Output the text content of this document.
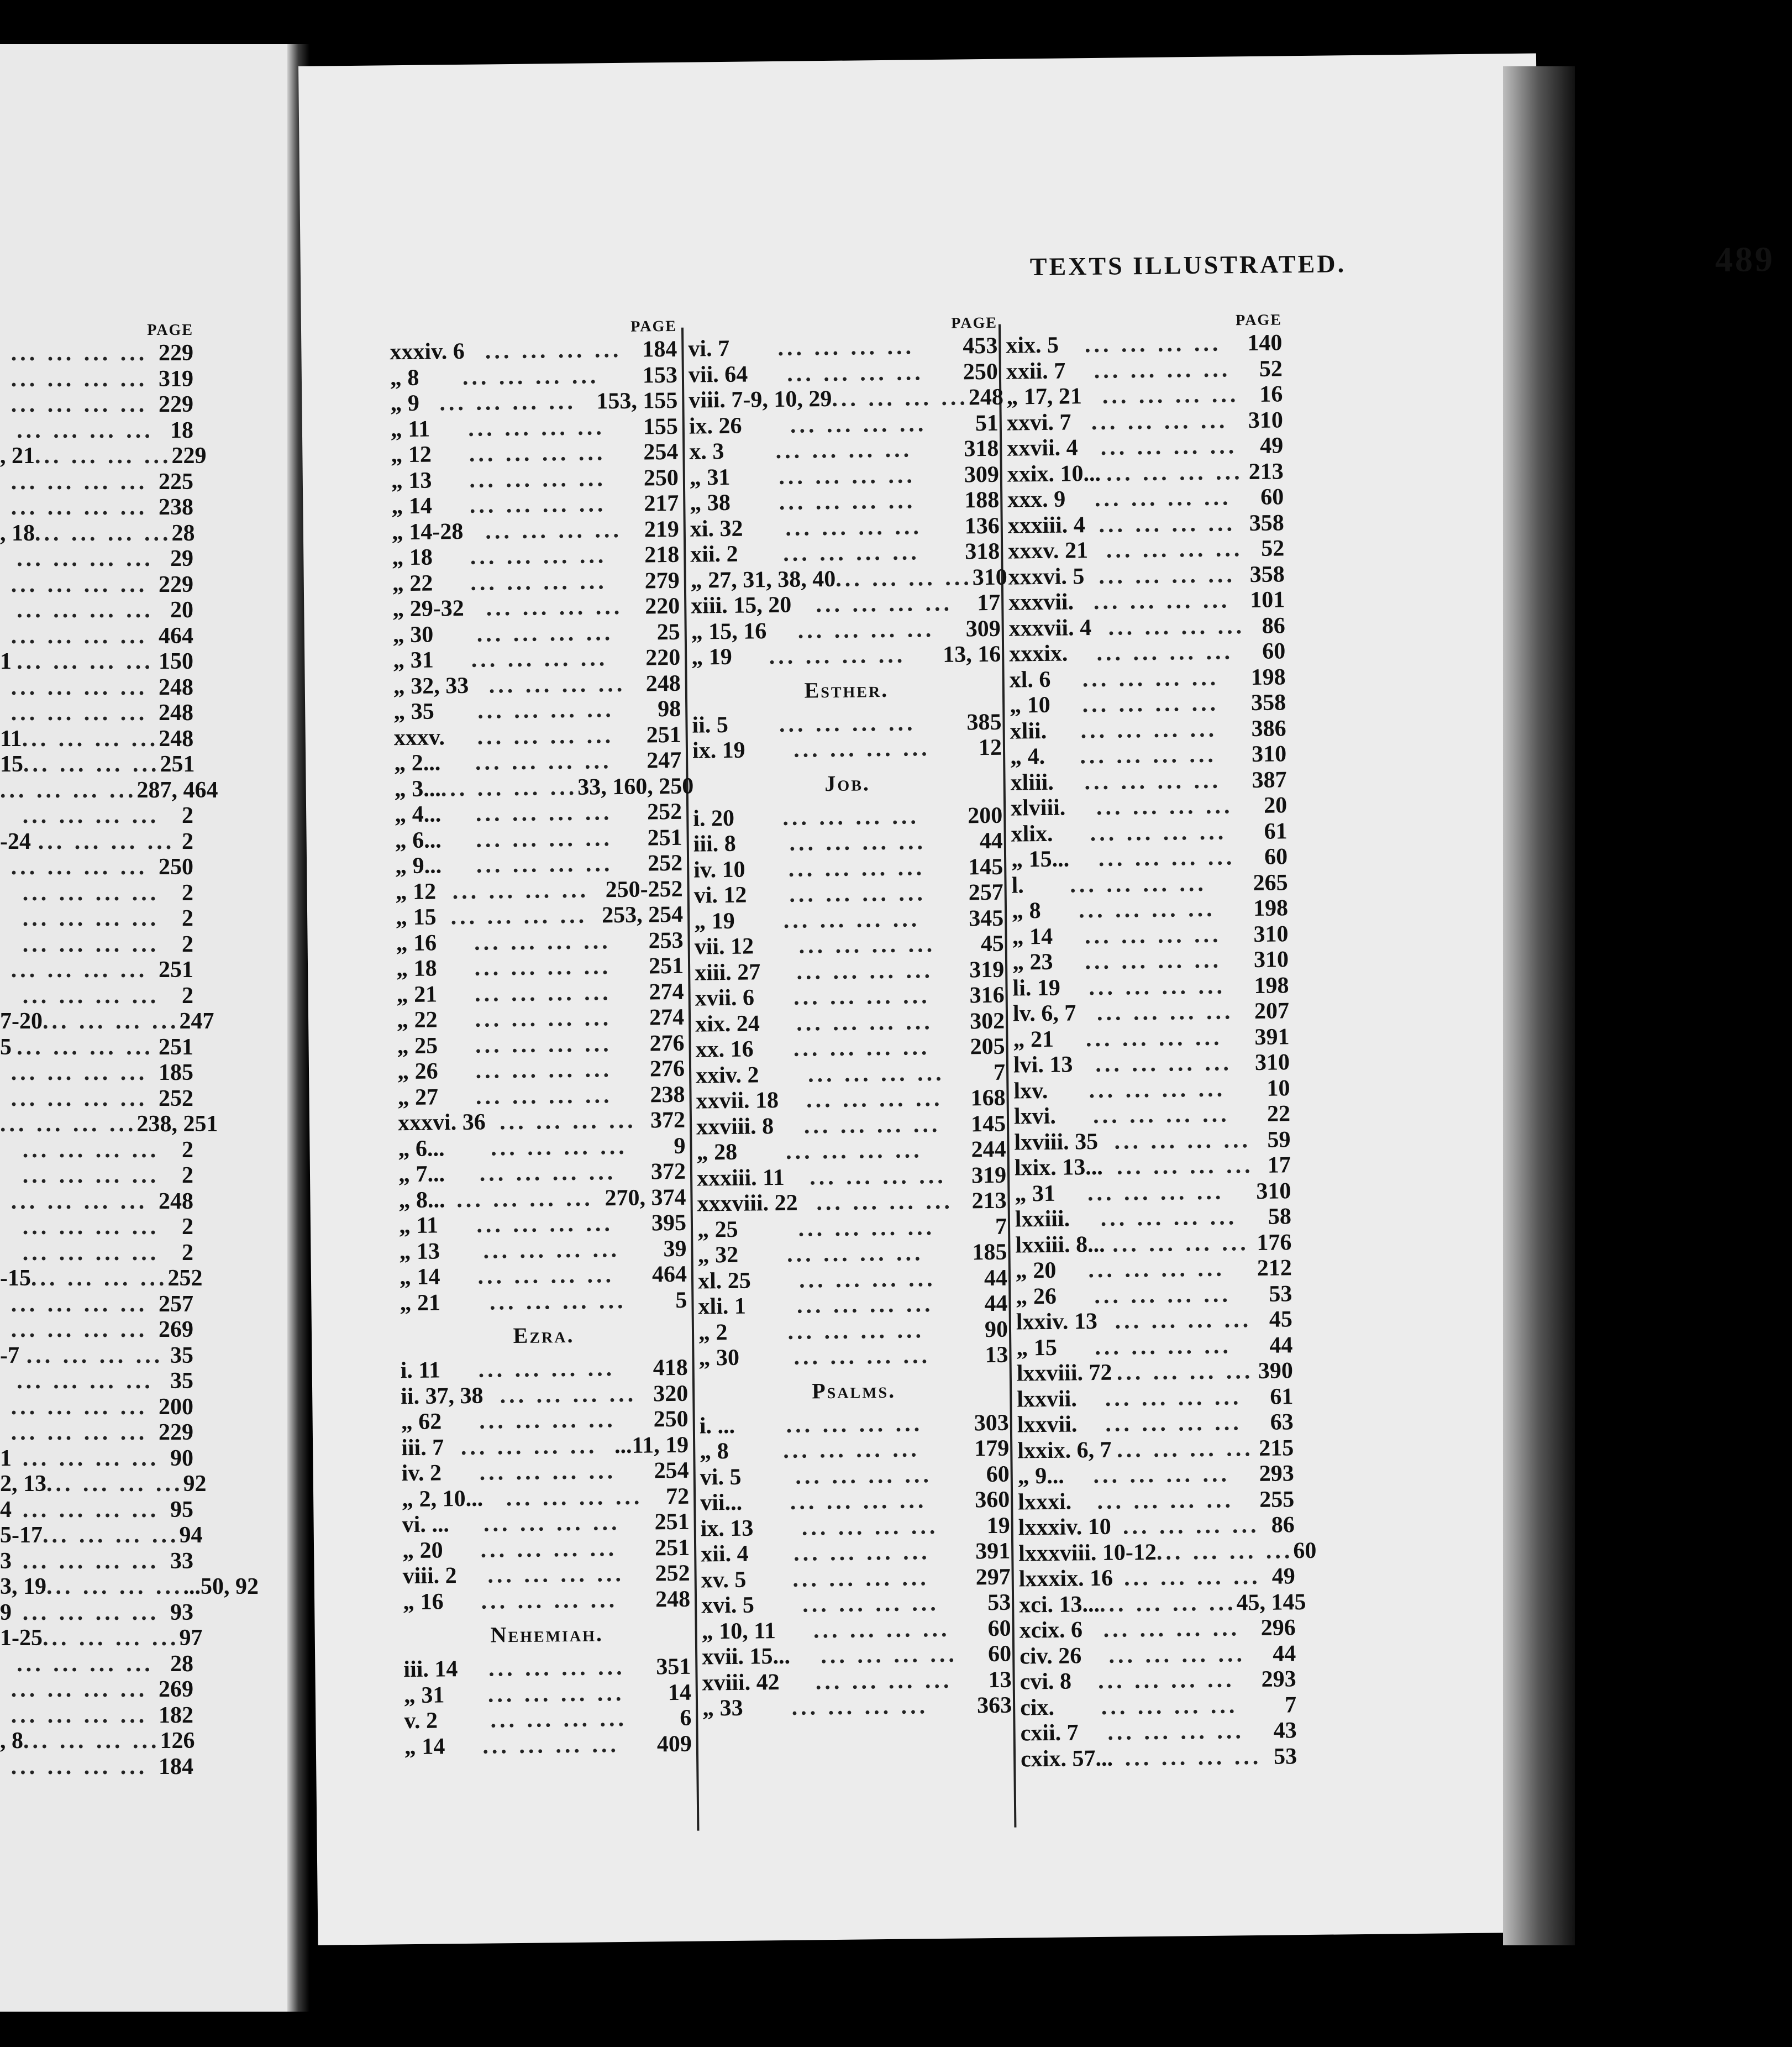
PAGE
... ... ... ... 229
... ... ... ... 319
... ... ... ... 229
... ... ... ... 18
, 21 ... ... ... ... 229
... ... ... ... 225
... ... ... ... 238
, 18 ... ... ... ... 28
... ... ... ... 29
... ... ... ... 229
... ... ... ... 20
... ... ... ... 464
1 ... ... ... ... 150
... ... ... ... 248
... ... ... ... 248
11 ... ... ... ... 248
15 ... ... ... ... 251
... ... ... ... 287, 464
... ... ... ... 2
-24 ... ... ... ... 2
... ... ... ... 250
... ... ... ... 2
... ... ... ... 2
... ... ... ... 2
... ... ... ... 251
... ... ... ... 2
7-20 ... ... ... ... 247
5 ... ... ... ... 251
... ... ... ... 185
... ... ... ... 252
... ... ... ... 238, 251
... ... ... ... 2
... ... ... ... 2
... ... ... ... 248
... ... ... ... 2
... ... ... ... 2
-15 ... ... ... ... 252
... ... ... ... 257
... ... ... ... 269
-7 ... ... ... ... 35
... ... ... ... 35
... ... ... ... 200
... ... ... ... 229
1 ... ... ... ... 90
2, 13 ... ... ... ... 92
4 ... ... ... ... 95
5-17 ... ... ... ... 94
3 ... ... ... ... 33
3, 19 ... ... ... ... ...50, 92
9 ... ... ... ... 93
1-25 ... ... ... ... 97
... ... ... ... 28
... ... ... ... 269
... ... ... ... 182
, 8 ... ... ... ... 126
... ... ... ... 184
TEXTS ILLUSTRATED.	489
PAGE
xxxiv. 6 ... ... ... ... 184
„ 8	... ... ... ...	153
„ 9 ... ... ... ... 153, 155
„ 11	... ... ... ...	155
„ 12	... ... ... ...	254
„ 13	... ... ... ...	250
„ 14	... ... ... ...	217
„ 14-28 ... ... ... ... 219
„ 18	... ... ... ...	218
„ 22	... ... ... ...	279
„ 29-32 ... ... ... ... 220
„ 30	... ... ... ...	25
„ 31	... ... ... ...	220
„ 32, 33 ... ... ... ... 248
„ 35	... ... ... ...	98
xxxv.	... ... ... ...	251
„ 2...	... ... ... ...	247
„ 3... ... ... ... ... 33, 160, 250
„ 4...	... ... ... ...	252
„ 6...	... ... ... ...	251
„ 9...	... ... ... ...	252
„ 12 ... ... ... ... 250-252
„ 15 ... ... ... ... 253, 254
„ 16	... ... ... ...	253
„ 18	... ... ... ...	251
„ 21	... ... ... ...	274
„ 22	... ... ... ...	274
„ 25	... ... ... ...	276
„ 26	... ... ... ...	276
„ 27	... ... ... ...	238
xxxvi. 36 ... ... ... ... 372
„ 6...	... ... ... ...	9
„ 7...	... ... ... ...	372
„ 8... ... ... ... ... 270, 374
„ 11	... ... ... ...	395
„ 13	... ... ... ...	39
„ 14	... ... ... ...	464
„ 21	... ... ... ...	5
Ezra.
i. 11	... ... ... ...	418
ii. 37, 38 ... ... ... ... 320
„ 62	... ... ... ...	250
iii. 7 ... ... ... ... ...11, 19
iv. 2	... ... ... ...	254
„ 2, 10... ... ... ... ... 72
vi. ...	... ... ... ...	251
„ 20	... ... ... ...	251
viii. 2	... ... ... ...	252
„ 16	... ... ... ...	248
Nehemiah.
iii. 14	... ... ... ...	351
„ 31	... ... ... ...	14
v. 2	... ... ... ...	6
„ 14	... ... ... ...	409
PAGE
vi. 7	... ... ... ...	453
vii. 64	... ... ... ...	250
viii. 7-9, 10, 29 ... ... ... ... 248
ix. 26	... ... ... ...	51
x. 3	... ... ... ...	318
„ 31	... ... ... ...	309
„ 38	... ... ... ...	188
xi. 32	... ... ... ...	136
xii. 2	... ... ... ...	318
„ 27, 31, 38, 40 ... ... ... ... 310
xiii. 15, 20	... ... ... ...	17
„ 15, 16	... ... ... ...	309
„ 19	... ... ... ...	13, 16
Esther.
ii. 5	... ... ... ...	385
ix. 19	... ... ... ...	12
Job.
i. 20	... ... ... ...	200
iii. 8	... ... ... ...	44
iv. 10	... ... ... ...	145
vi. 12	... ... ... ...	257
„ 19	... ... ... ...	345
vii. 12	... ... ... ...	45
xiii. 27	... ... ... ...	319
xvii. 6	... ... ... ...	316
xix. 24	... ... ... ...	302
xx. 16	... ... ... ...	205
xxiv. 2	... ... ... ...	7
xxvii. 18	... ... ... ...	168
xxviii. 8	... ... ... ...	145
„ 28	... ... ... ...	244
xxxiii. 11	... ... ... ...	319
xxxviii. 22 ... ... ... ... 213
„ 25	... ... ... ...	7
„ 32	... ... ... ...	185
xl. 25	... ... ... ...	44
xli. 1	... ... ... ...	44
„ 2	... ... ... ...	90
„ 30	... ... ... ...	13
Psalms.
i. ...	... ... ... ...	303
„ 8	... ... ... ...	179
vi. 5	... ... ... ...	60
vii...	... ... ... ...	360
ix. 13	... ... ... ...	19
xii. 4	... ... ... ...	391
xv. 5	... ... ... ...	297
xvi. 5	... ... ... ...	53
„ 10, 11	... ... ... ...	60
xvii. 15...	... ... ... ...	60
xviii. 42	... ... ... ...	13
„ 33	... ... ... ...	363
PAGE
xix. 5	... ... ... ...	140
xxii. 7	... ... ... ...	52
„ 17, 21 ... ... ... ... 16
xxvi. 7 ... ... ... ... 310
xxvii. 4 ... ... ... ... 49
xxix. 10... ... ... ... ... 213
xxx. 9	... ... ... ...	60
xxxiii. 4 ... ... ... ... 358
xxxv. 21 ... ... ... ... 52
xxxvi. 5 ... ... ... ... 358
xxxvii. ... ... ... ... 101
xxxvii. 4 ... ... ... ... 86
xxxix.	... ... ... ...	60
xl. 6	... ... ... ...	198
„ 10	... ... ... ...	358
xlii.	... ... ... ...	386
„ 4.	... ... ... ...	310
xliii.	... ... ... ...	387
xlviii.	... ... ... ...	20
xlix.	... ... ... ...	61
„ 15...	... ... ... ...	60
l.	... ... ... ...	265
„ 8	... ... ... ...	198
„ 14	... ... ... ...	310
„ 23	... ... ... ...	310
li. 19	... ... ... ...	198
lv. 6, 7 ... ... ... ... 207
„ 21	... ... ... ...	391
lvi. 13 ... ... ... ... 310
lxv.	... ... ... ...	10
lxvi.	... ... ... ...	22
lxviii. 35 ... ... ... ... 59
lxix. 13... ... ... ... ... 17
„ 31	... ... ... ...	310
lxxiii.	... ... ... ...	58
lxxiii. 8... ... ... ... ... 176
„ 20	... ... ... ...	212
„ 26	... ... ... ...	53
lxxiv. 13 ... ... ... ... 45
„ 15	... ... ... ...	44
lxxviii. 72 ... ... ... ... 390
lxxvii.	... ... ... ...	61
lxxvii.	... ... ... ...	63
lxxix. 6, 7 ... ... ... ... 215
„ 9...	... ... ... ...	293
lxxxi.	... ... ... ...	255
lxxxiv. 10 ... ... ... ... 86
lxxxviii. 10-12 ... ... ... ... 60
lxxxix. 16 ... ... ... ... 49
xci. 13... ... ... ... ... 45, 145
xcix. 6 ... ... ... ... 296
civ. 26	... ... ... ...	44
cvi. 8	... ... ... ...	293
cix.	... ... ... ...	7
cxii. 7	... ... ... ...	43
cxix. 57... ... ... ... ... 53
